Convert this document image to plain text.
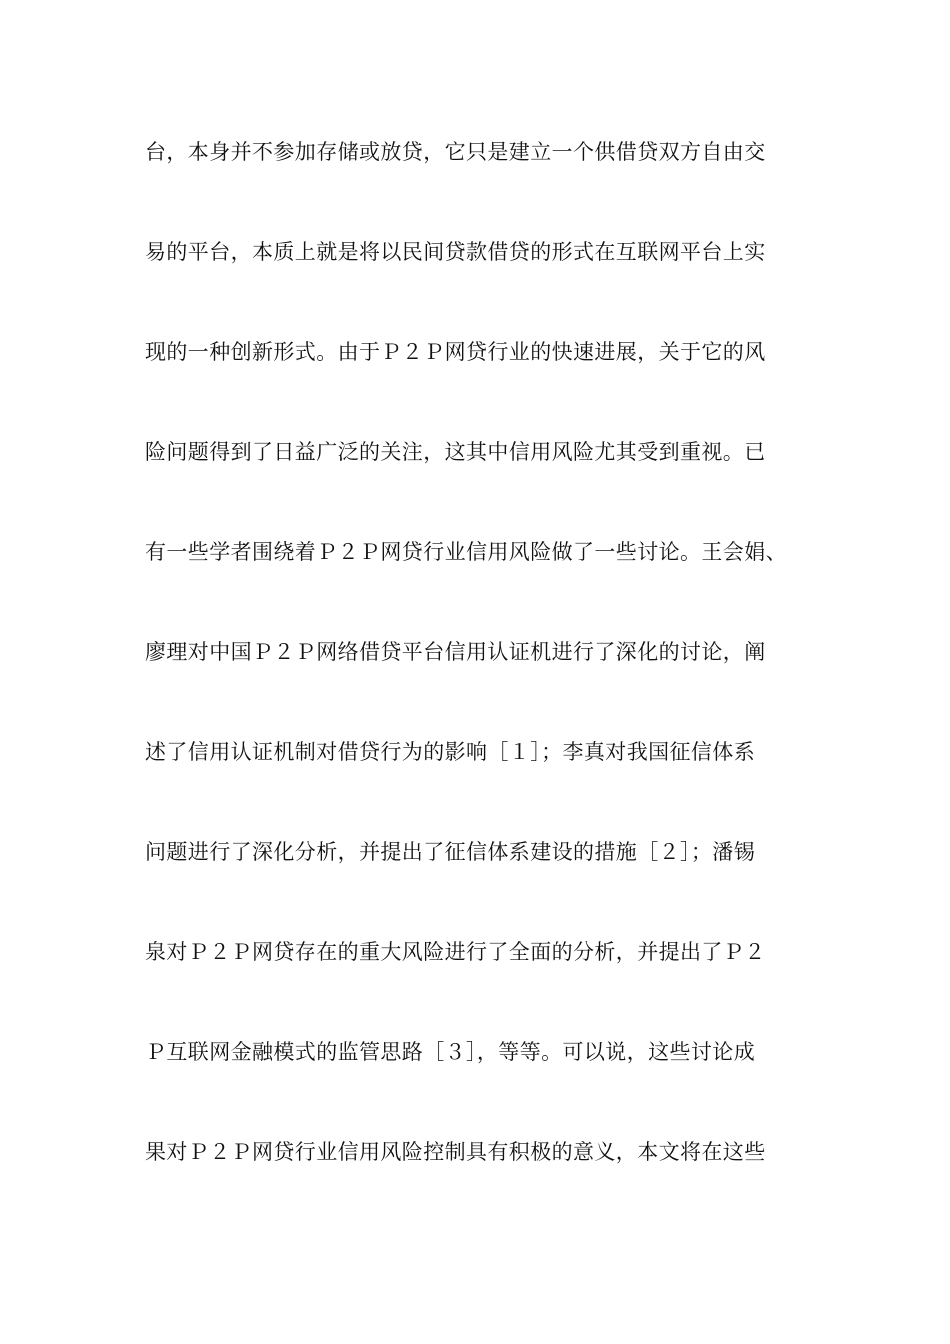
台，本身并不参加存储或放贷，它只是建立一个供借贷双方自由交
易的平台，本质上就是将以民间贷款借贷的形式在互联网平台上实
现的一种创新形式。由于Ｐ２Ｐ网贷行业的快速进展，关于它的风
险问题得到了日益广泛的关注，这其中信用风险尤其受到重视。已
有一些学者围绕着Ｐ２Ｐ网贷行业信用风险做了一些讨论。王会娟、
廖理对中国Ｐ２Ｐ网络借贷平台信用认证机进行了深化的讨论，阐
述了信用认证机制对借贷行为的影响［１］；李真对我国征信体系
问题进行了深化分析，并提出了征信体系建设的措施［２］；潘锡
泉对Ｐ２Ｐ网贷存在的重大风险进行了全面的分析，并提出了Ｐ２
Ｐ互联网金融模式的监管思路［３］，等等。可以说，这些讨论成
果对Ｐ２Ｐ网贷行业信用风险控制具有积极的意义，本文将在这些
